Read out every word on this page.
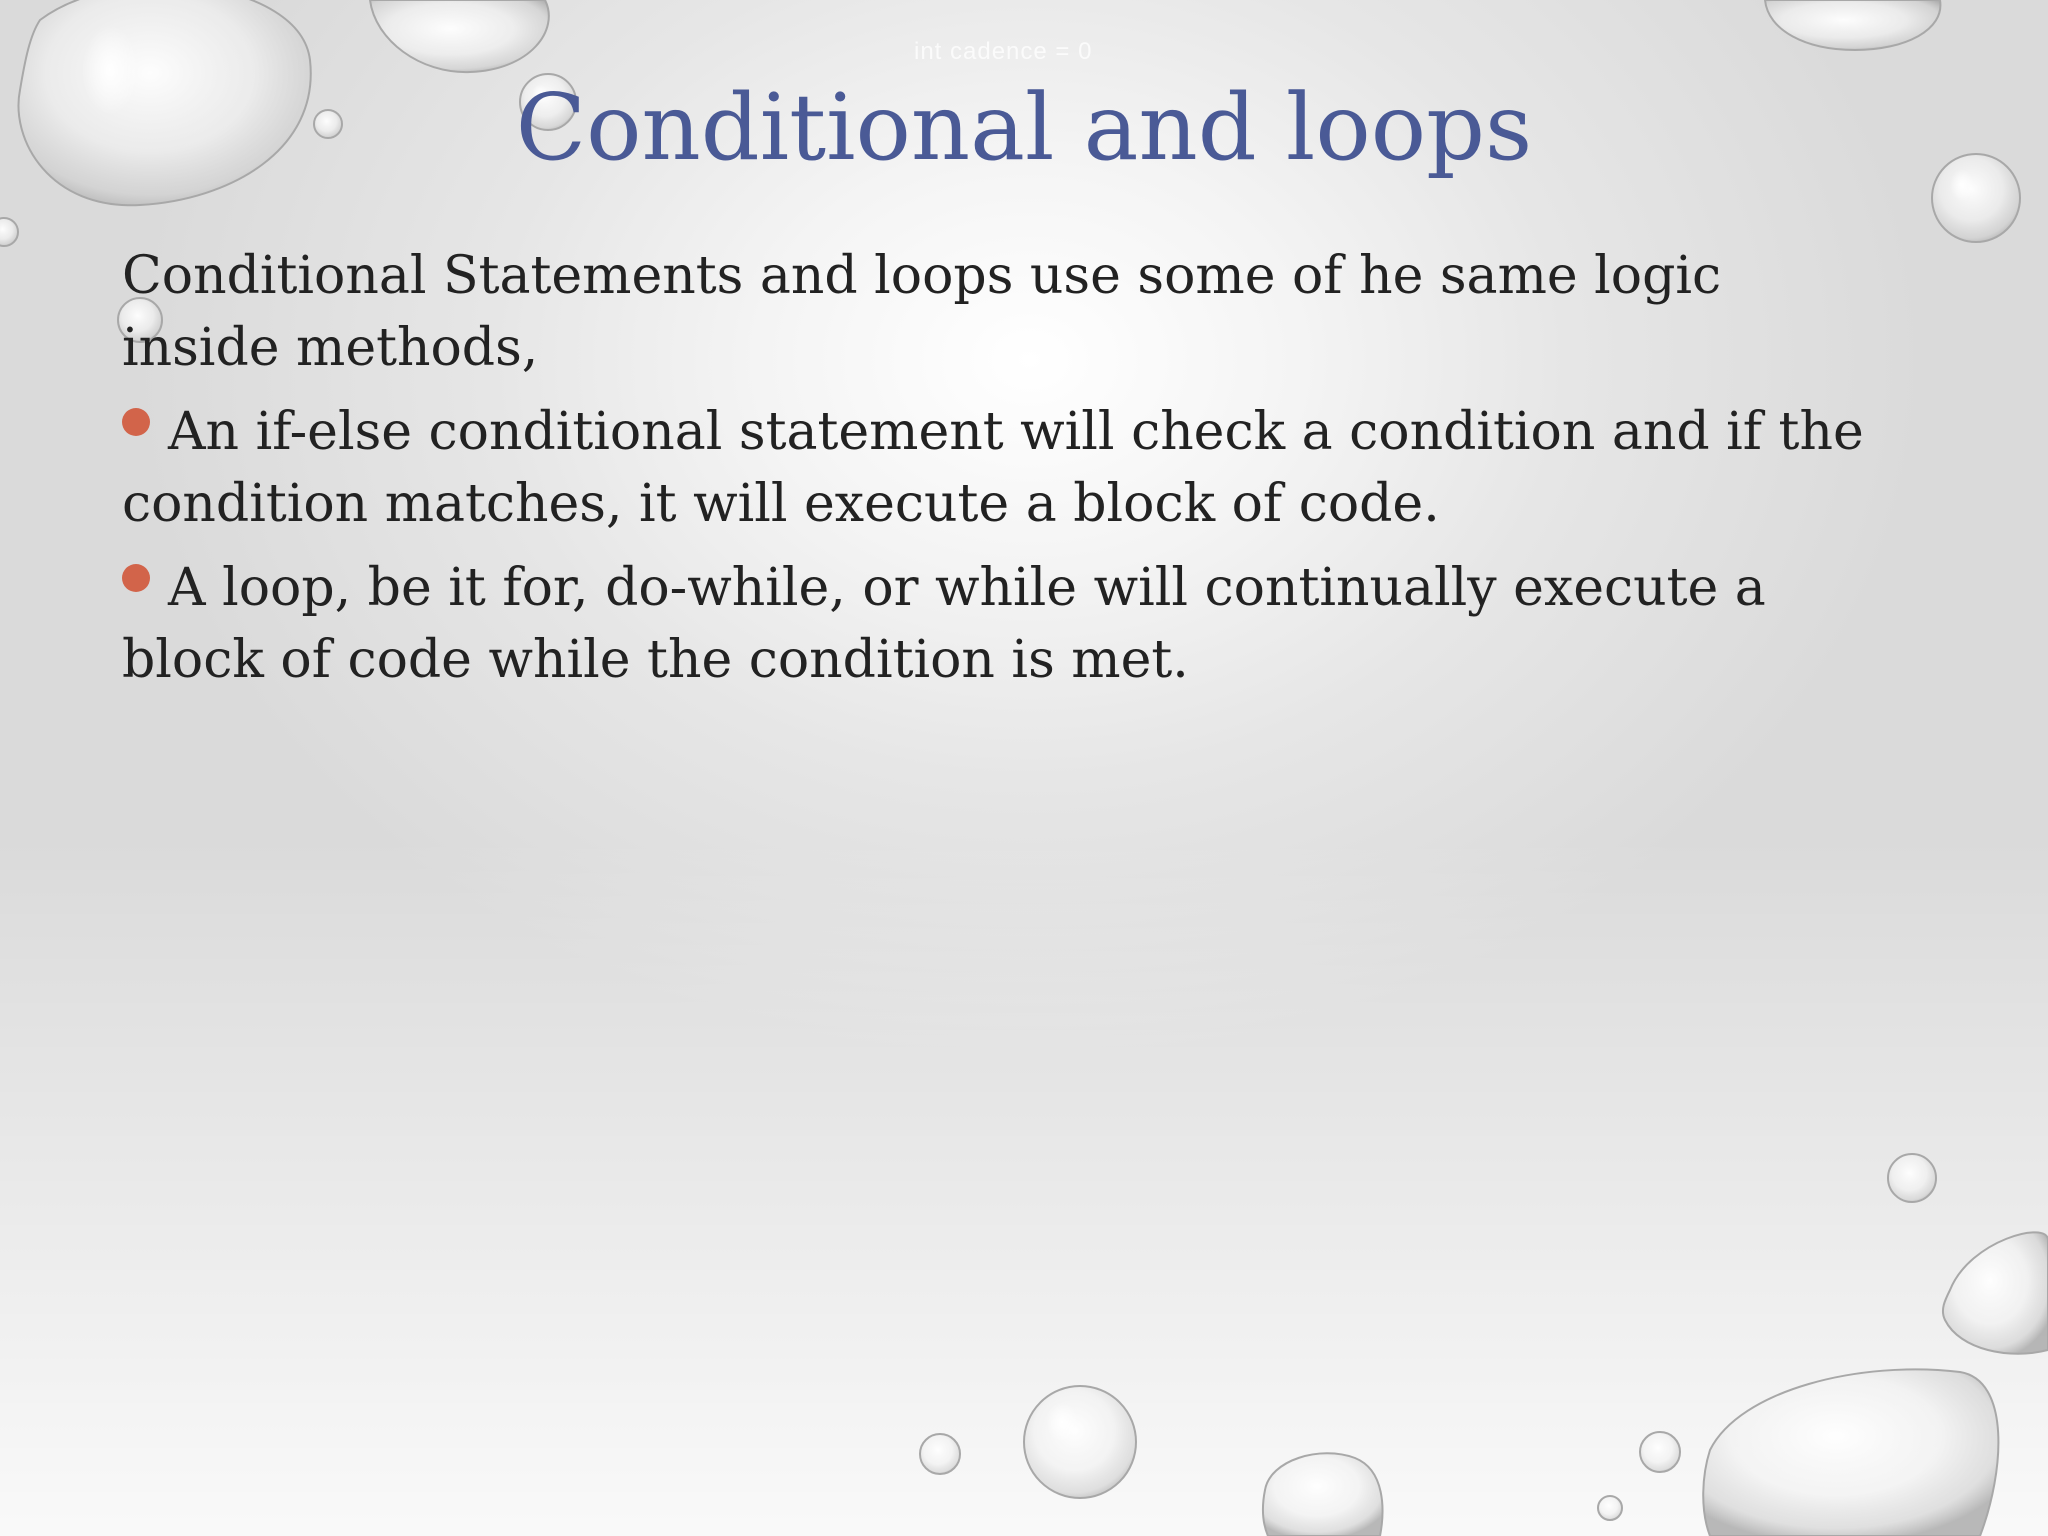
int cadence = 0
Conditional and loops

Conditional Statements and loops use some of he same logic inside methods,

An if-else conditional statement will check a condition and if the condition matches, it will execute a block of code.

A loop, be it for, do-while, or while will continually execute a block of code while the condition is met.
